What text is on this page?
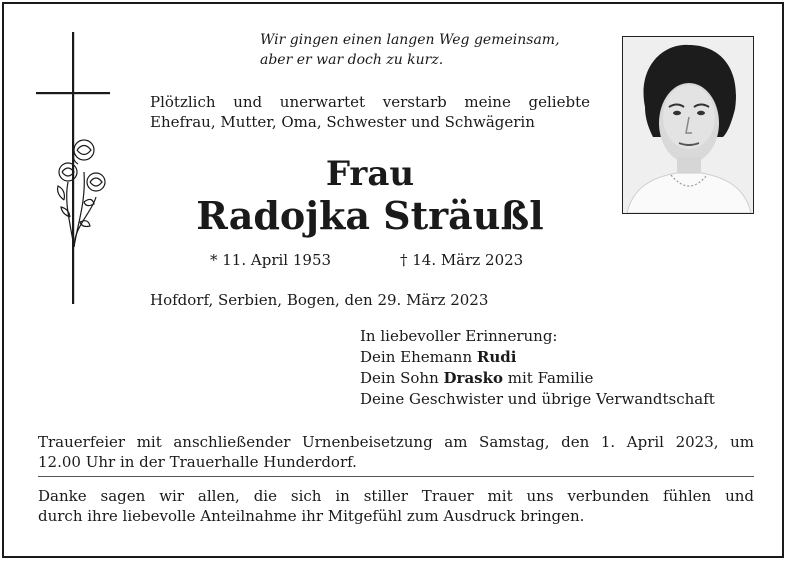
Wir gingen einen langen Weg gemeinsam,
aber er war doch zu kurz.
Plötzlich und unerwartet verstarb meine geliebte
Ehefrau, Mutter, Oma, Schwester und Schwägerin
Frau
Radojka Sträußl
* 11. April 1953	† 14. März 2023
Hofdorf, Serbien, Bogen, den 29. März 2023
In liebevoller Erinnerung:
Dein Ehemann Rudi
Dein Sohn Drasko mit Familie
Deine Geschwister und übrige Verwandtschaft
Trauerfeier mit anschließender Urnenbeisetzung am Samstag, den 1. April 2023, um
12.00 Uhr in der Trauerhalle Hunderdorf.
Danke sagen wir allen, die sich in stiller Trauer mit uns verbunden fühlen und
durch ihre liebevolle Anteilnahme ihr Mitgefühl zum Ausdruck bringen.
